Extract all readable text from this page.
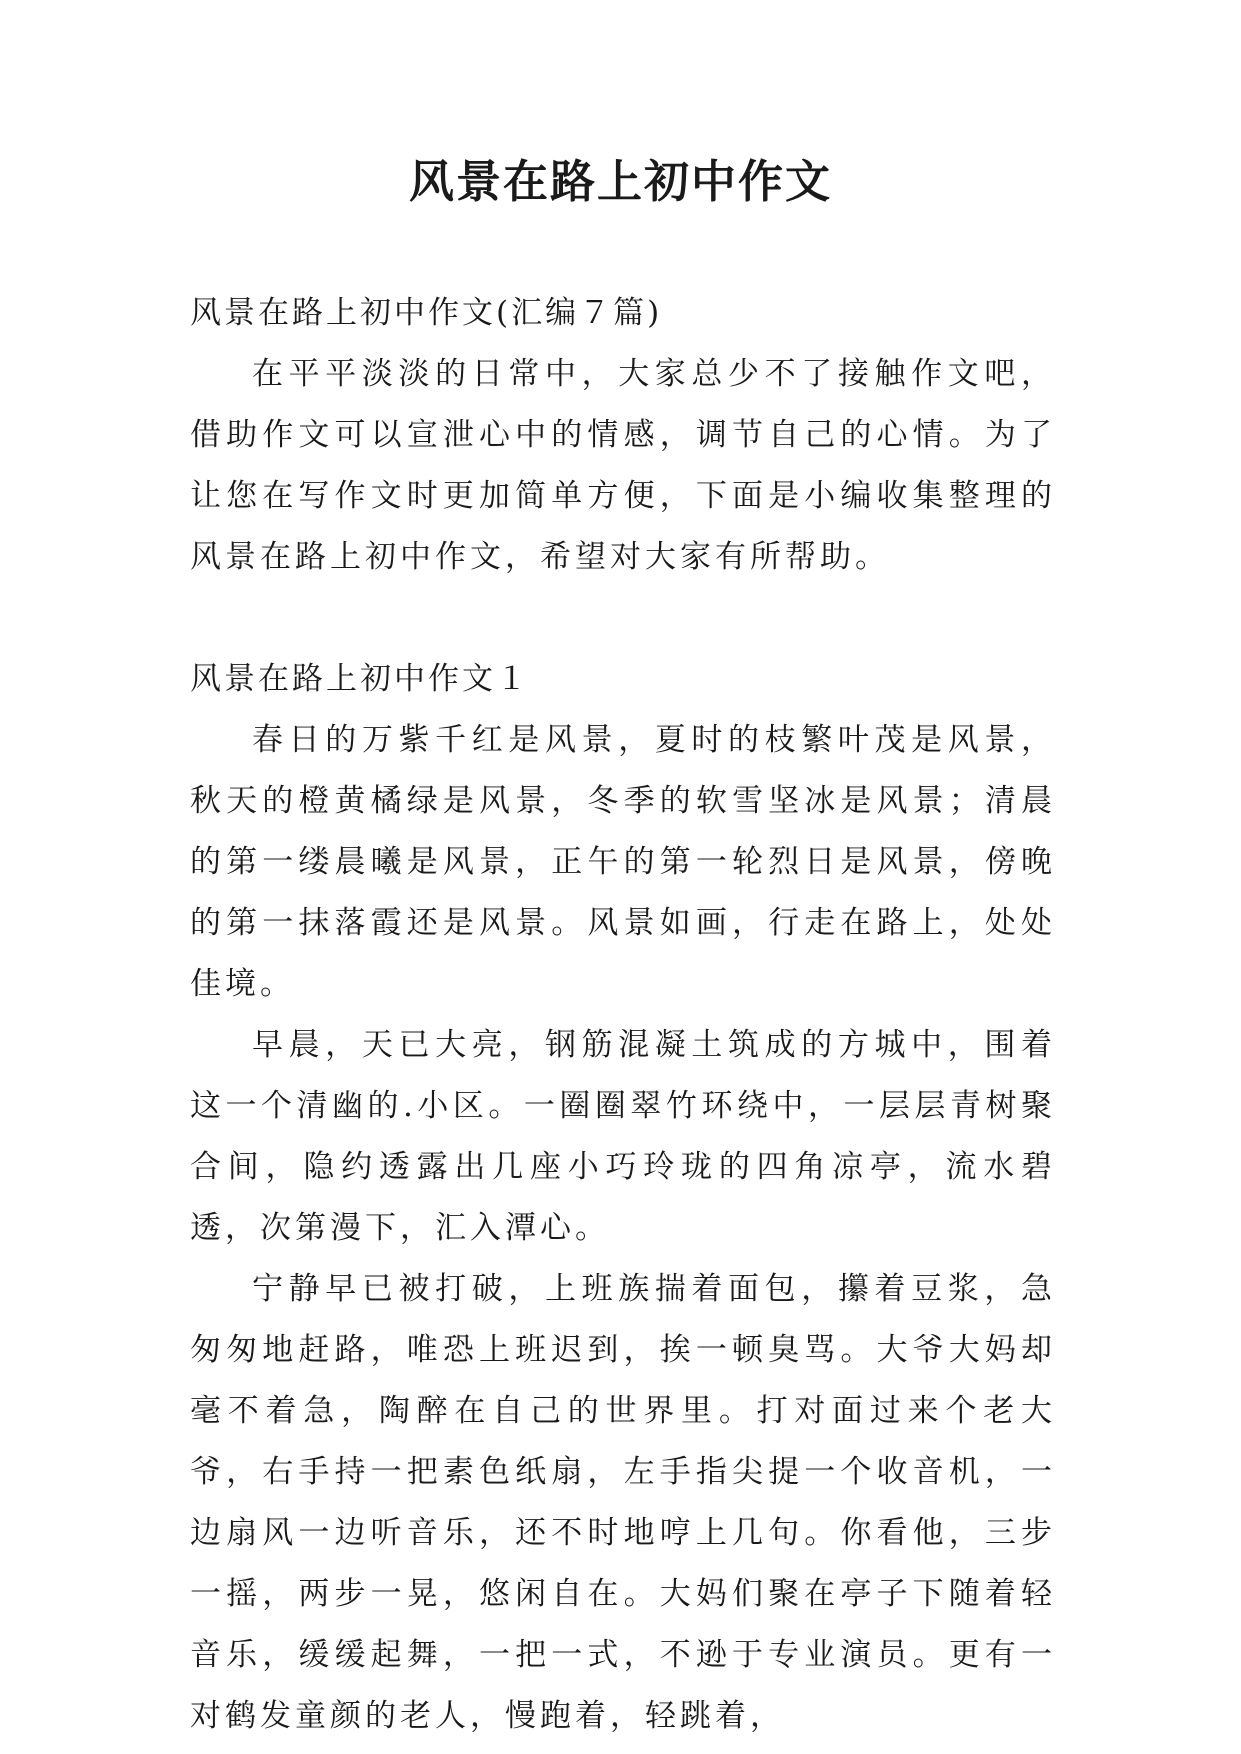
风景在路上初中作文

风景在路上初中作文(汇编７篇)

在平平淡淡的日常中，大家总少不了接触作文吧，借助作文可以宣泄心中的情感，调节自己的心情。为了让您在写作文时更加简单方便，下面是小编收集整理的风景在路上初中作文，希望对大家有所帮助。

风景在路上初中作文１

春日的万紫千红是风景，夏时的枝繁叶茂是风景，秋天的橙黄橘绿是风景，冬季的软雪坚冰是风景；清晨的第一缕晨曦是风景，正午的第一轮烈日是风景，傍晚的第一抹落霞还是风景。风景如画，行走在路上，处处佳境。

早晨，天已大亮，钢筋混凝土筑成的方城中，围着这一个清幽的.小区。一圈圈翠竹环绕中，一层层青树聚合间，隐约透露出几座小巧玲珑的四角凉亭，流水碧透，次第漫下，汇入潭心。

宁静早已被打破，上班族揣着面包，攥着豆浆，急匆匆地赶路，唯恐上班迟到，挨一顿臭骂。大爷大妈却毫不着急，陶醉在自己的世界里。打对面过来个老大爷，右手持一把素色纸扇，左手指尖提一个收音机，一边扇风一边听音乐，还不时地哼上几句。你看他，三步一摇，两步一晃，悠闲自在。大妈们聚在亭子下随着轻音乐，缓缓起舞，一把一式，不逊于专业演员。更有一对鹤发童颜的老人，慢跑着，轻跳着，
